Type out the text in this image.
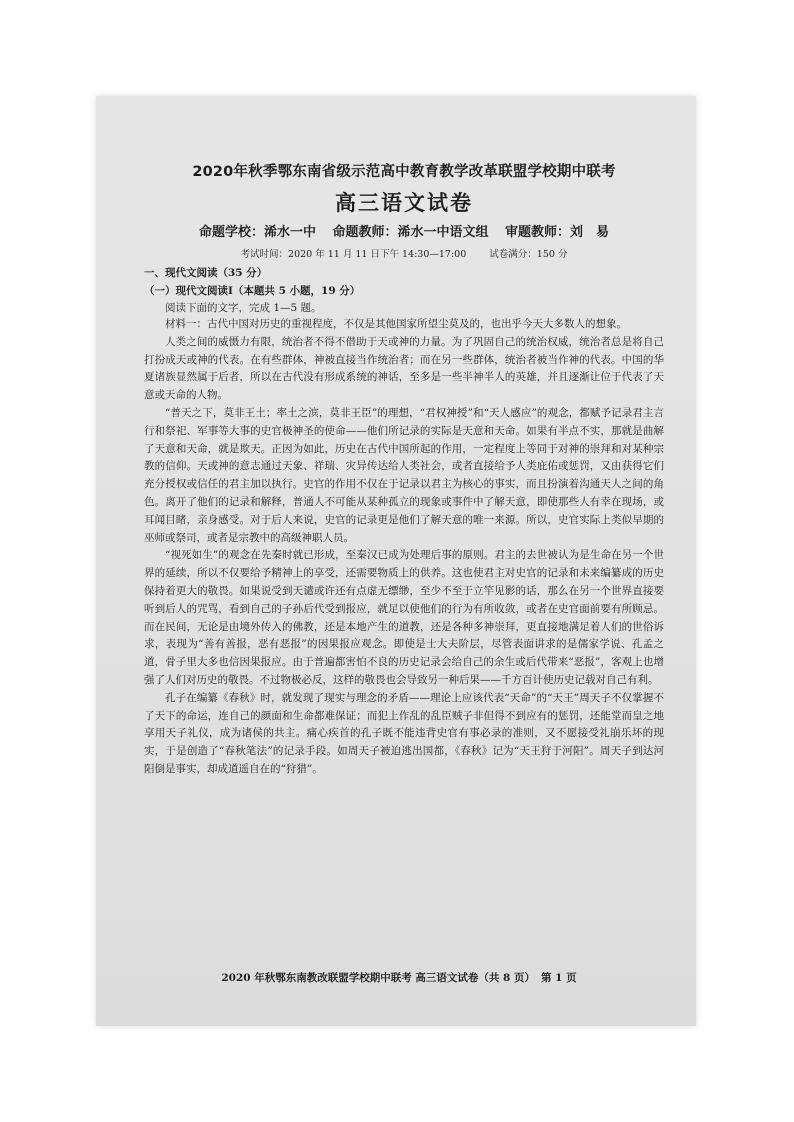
2020年秋季鄂东南省级示范高中教育教学改革联盟学校期中联考
高三语文试卷
命题学校：浠水一中 命题教师：浠水一中语文组 审题教师：刘　易
考试时间：2020 年 11 月 11 日下午 14:30—17:00 试卷满分：150 分
一、现代文阅读（35 分）
（一）现代文阅读Ⅰ（本题共 5 小题，19 分）
阅读下面的文字，完成 1—5 题。

材料一：古代中国对历史的重视程度，不仅是其他国家所望尘莫及的，也出乎今天大多数人的想象。

人类之间的威慑力有限，统治者不得不借助于天或神的力量。为了巩固自己的统治权威，统治者总是将自己打扮成天或神的代表。在有些群体，神被直接当作统治者；而在另一些群体，统治者被当作神的代表。中国的华夏诸族显然属于后者，所以在古代没有形成系统的神话，至多是一些半神半人的英雄，并且逐渐让位于代表了天意或天命的人物。

“普天之下，莫非王土；率土之滨，莫非王臣”的理想，“君权神授”和“天人感应”的观念，都赋予记录君主言行和祭祀、军事等大事的史官极神圣的使命——他们所记录的实际是天意和天命。如果有半点不实，那就是曲解了天意和天命，就是欺天。正因为如此，历史在古代中国所起的作用，一定程度上等同于对神的崇拜和对某种宗教的信仰。天或神的意志通过天象、祥瑞、灾异传达给人类社会，或者直接给予人类庇佑或惩罚，又由获得它们充分授权或信任的君主加以执行。史官的作用不仅在于记录以君主为核心的事实，而且扮演着沟通天人之间的角色。离开了他们的记录和解释，普通人不可能从某种孤立的现象或事件中了解天意，即使那些人有幸在现场，或耳闻目睹，亲身感受。对于后人来说，史官的记录更是他们了解天意的唯一来源。所以，史官实际上类似早期的巫师或祭司，或者是宗教中的高级神职人员。

“视死如生”的观念在先秦时就已形成，至秦汉已成为处理后事的原则。君主的去世被认为是生命在另一个世界的延续，所以不仅要给予精神上的享受，还需要物质上的供养。这也使君主对史官的记录和未来编纂成的历史保持着更大的敬畏。如果说受到天谴或许还有点虚无缥缈，至少不至于立竿见影的话，那么在另一个世界直接要听到后人的咒骂，看到自己的子孙后代受到报应，就足以使他们的行为有所收敛，或者在史官面前要有所顾忌。而在民间，无论是由境外传入的佛教，还是本地产生的道教，还是各种多神崇拜，更直接地满足着人们的世俗诉求，表现为“善有善报，恶有恶报”的因果报应观念。即使是士大夫阶层，尽管表面讲求的是儒家学说、孔孟之道，骨子里大多也信因果报应。由于普遍都害怕不良的历史记录会给自己的余生或后代带来“恶报”，客观上也增强了人们对历史的敬畏。不过物极必反，这样的敬畏也会导致另一种后果——千方百计使历史记载对自己有利。

孔子在编纂《春秋》时，就发现了现实与理念的矛盾——理论上应该代表“天命”的“天王”周天子不仅掌握不了天下的命运，连自己的颜面和生命都难保证；而犯上作乱的乱臣贼子非但得不到应有的惩罚，还能堂而皇之地享用天子礼仪，成为诸侯的共主。痛心疾首的孔子既不能违背史官有事必录的准则，又不愿接受礼崩乐坏的现实，于是创造了“春秋笔法”的记录手段。如周天子被迫逃出国都，《春秋》记为“天王狩于河阳”。周天子到达河阳倒是事实，却成道遥自在的“狩猎”。

2020 年秋鄂东南教改联盟学校期中联考 高三语文试卷（共 8 页） 第 1 页
